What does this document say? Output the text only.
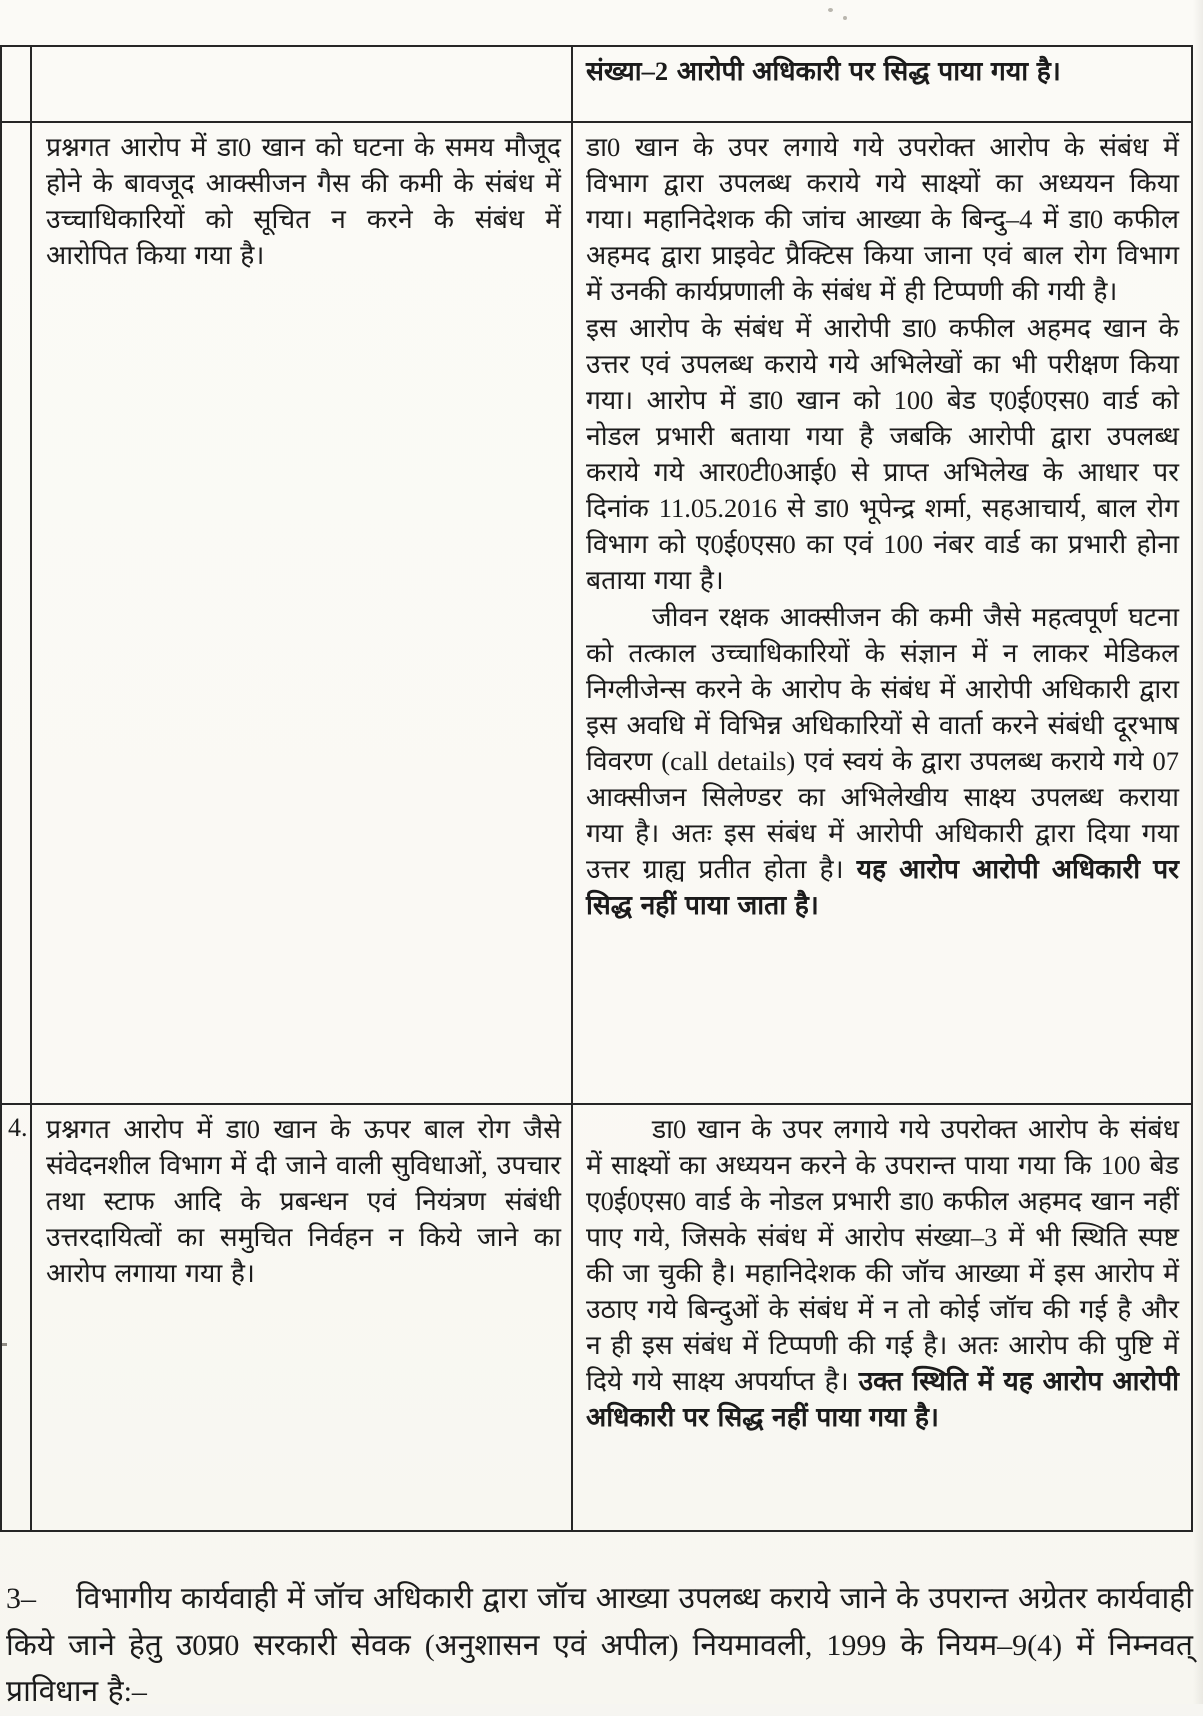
संख्या–2 आरोपी अधिकारी पर सिद्ध पाया गया है।

प्रश्नगत आरोप में डा0 खान को घटना के समय मौजूद होने के बावजूद आक्सीजन गैस की कमी के संबंध में उच्चाधिकारियों को सूचित न करने के संबंध में आरोपित किया गया है।

डा0 खान के उपर लगाये गये उपरोक्त आरोप के संबंध में विभाग द्वारा उपलब्ध कराये गये साक्ष्यों का अध्ययन किया गया। महानिदेशक की जांच आख्या के बिन्दु–4 में डा0 कफील अहमद द्वारा प्राइवेट प्रैक्टिस किया जाना एवं बाल रोग विभाग में उनकी कार्यप्रणाली के संबंध में ही टिप्पणी की गयी है।

इस आरोप के संबंध में आरोपी डा0 कफील अहमद खान के उत्तर एवं उपलब्ध कराये गये अभिलेखों का भी परीक्षण किया गया। आरोप में डा0 खान को 100 बेड ए0ई0एस0 वार्ड को नोडल प्रभारी बताया गया है जबकि आरोपी द्वारा उपलब्ध कराये गये आर0टी0आई0 से प्राप्त अभिलेख के आधार पर दिनांक 11.05.2016 से डा0 भूपेन्द्र शर्मा, सहआचार्य, बाल रोग विभाग को ए0ई0एस0 का एवं 100 नंबर वार्ड का प्रभारी होना बताया गया है।

जीवन रक्षक आक्सीजन की कमी जैसे महत्वपूर्ण घटना को तत्काल उच्चाधिकारियों के संज्ञान में न लाकर मेडिकल निग्लीजेन्स करने के आरोप के संबंध में आरोपी अधिकारी द्वारा इस अवधि में विभिन्न अधिकारियों से वार्ता करने संबंधी दूरभाष विवरण (call details) एवं स्वयं के द्वारा उपलब्ध कराये गये 07 आक्सीजन सिलेण्डर का अभिलेखीय साक्ष्य उपलब्ध कराया गया है। अतः इस संबंध में आरोपी अधिकारी द्वारा दिया गया उत्तर ग्राह्य प्रतीत होता है। यह आरोप आरोपी अधिकारी पर सिद्ध नहीं पाया जाता है।

4. प्रश्नगत आरोप में डा0 खान के ऊपर बाल रोग जैसे संवेदनशील विभाग में दी जाने वाली सुविधाओं, उपचार तथा स्टाफ आदि के प्रबन्धन एवं नियंत्रण संबंधी उत्तरदायित्वों का समुचित निर्वहन न किये जाने का आरोप लगाया गया है।

डा0 खान के उपर लगाये गये उपरोक्त आरोप के संबंध में साक्ष्यों का अध्ययन करने के उपरान्त पाया गया कि 100 बेड ए0ई0एस0 वार्ड के नोडल प्रभारी डा0 कफील अहमद खान नहीं पाए गये, जिसके संबंध में आरोप संख्या–3 में भी स्थिति स्पष्ट की जा चुकी है। महानिदेशक की जॉच आख्या में इस आरोप में उठाए गये बिन्दुओं के संबंध में न तो कोई जॉच की गई है और न ही इस संबंध में टिप्पणी की गई है। अतः आरोप की पुष्टि में दिये गये साक्ष्य अपर्याप्त है। उक्त स्थिति में यह आरोप आरोपी अधिकारी पर सिद्ध नहीं पाया गया है।

3– विभागीय कार्यवाही में जॉच अधिकारी द्वारा जॉच आख्या उपलब्ध कराये जाने के उपरान्त अग्रेतर कार्यवाही किये जाने हेतु उ0प्र0 सरकारी सेवक (अनुशासन एवं अपील) नियमावली, 1999 के नियम–9(4) में निम्नवत् प्राविधान है:–
